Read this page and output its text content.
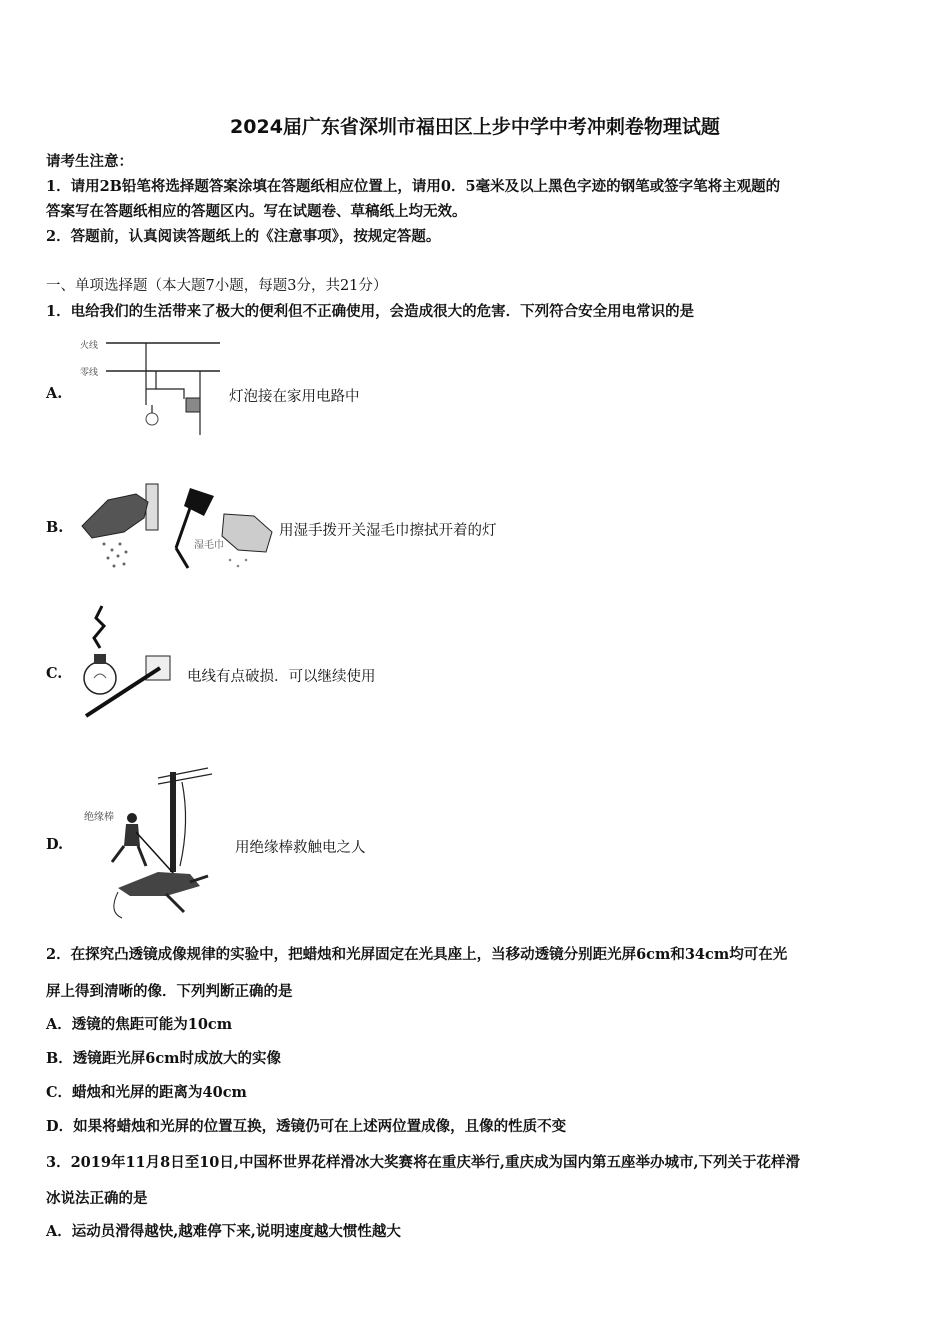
2024届广东省深圳市福田区上步中学中考冲刺卷物理试题
请考生注意：
1．请用2B铅笔将选择题答案涂填在答题纸相应位置上，请用0．5毫米及以上黑色字迹的钢笔或签字笔将主观题的
答案写在答题纸相应的答题区内。写在试题卷、草稿纸上均无效。
2．答题前，认真阅读答题纸上的《注意事项》，按规定答题。
一、单项选择题（本大题7小题，每题3分，共21分）
1．电给我们的生活带来了极大的便利但不正确使用，会造成很大的危害．下列符合安全用电常识的是
A.
火线
零线
灯泡接在家用电路中
B.
湿毛巾
用湿手拨开关湿毛巾擦拭开着的灯
C.	电线有点破损．可以继续使用
D.
绝缘棒
用绝缘棒救触电之人
2．在探究凸透镜成像规律的实验中，把蜡烛和光屏固定在光具座上，当移动透镜分别距光屏6cm和34cm均可在光
屏上得到清晰的像．下列判断正确的是
A．透镜的焦距可能为10cm
B．透镜距光屏6cm时成放大的实像
C．蜡烛和光屏的距离为40cm
D．如果将蜡烛和光屏的位置互换，透镜仍可在上述两位置成像，且像的性质不变
3．2019年11月8日至10日,中国杯世界花样滑冰大奖赛将在重庆举行,重庆成为国内第五座举办城市,下列关于花样滑
冰说法正确的是
A．运动员滑得越快,越难停下来,说明速度越大惯性越大
